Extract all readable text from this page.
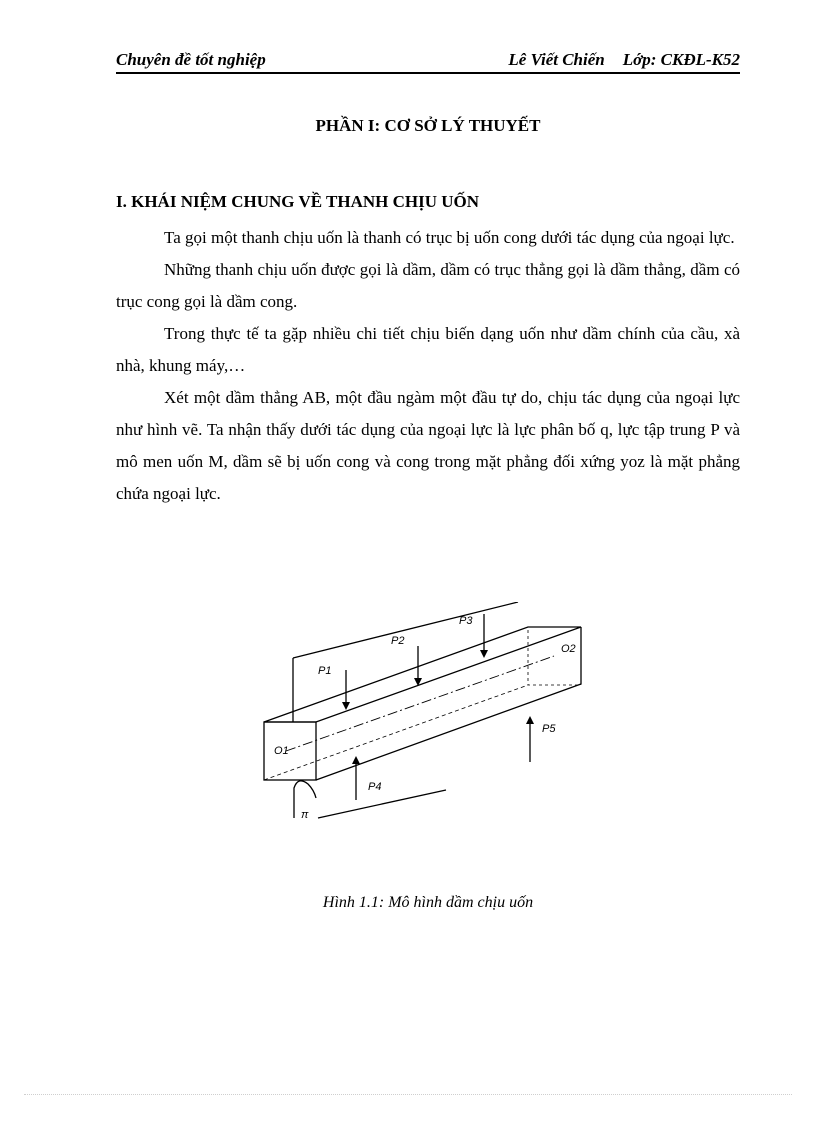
Chuyên đề tốt nghiệp	Lê Viết Chiến Lớp: CKĐL-K52
PHẦN I: CƠ SỞ LÝ THUYẾT
I. KHÁI NIỆM CHUNG VỀ THANH CHỊU UỐN

Ta gọi một thanh chịu uốn là thanh có trục bị uốn cong dưới tác dụng của ngoại lực.

Những thanh chịu uốn được gọi là dầm, dầm có trục thẳng gọi là dầm thẳng, dầm có trục cong gọi là dầm cong.

Trong thực tế ta gặp nhiều chi tiết chịu biến dạng uốn như dầm chính của cầu, xà nhà, khung máy,…

Xét một dầm thẳng AB, một đầu ngàm một đầu tự do, chịu tác dụng của ngoại lực như hình vẽ. Ta nhận thấy dưới tác dụng của ngoại lực là lực phân bố q, lực tập trung P và mô men uốn M, dầm sẽ bị uốn cong và cong trong mặt phẳng đối xứng yoz là mặt phẳng chứa ngoại lực.

P1
P2
P3
P4
P5
O1
O2
π
Hình 1.1: Mô hình dầm chịu uốn
